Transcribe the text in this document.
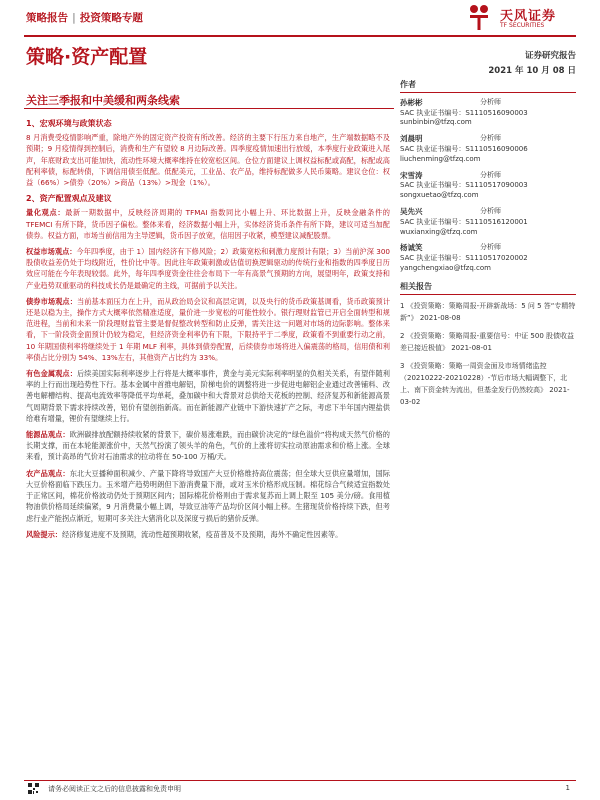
策略报告 | 投资策略专题	天风证券
TF SECURITIES
策略·资产配置	证券研究报告
2021 年 10 月 08 日
关注三季报和中美缓和两条线索
1、宏观环境与政策状态

8 月消费受疫情影响严重，除地产外的固定资产投资有所改善。经济的主要下行压力来自地产，生产端数据略不及预期；9 月疫情得到控制后，消费和生产有望较 8 月边际改善。四季度疫情加速出行放缓，本季度行业政策进入尾声，年底财政支出可能加快，流动性环境大概率维持在较宽松区间。仓位方面建议上调权益标配或高配，标配或高配利率债，标配转债，下调信用债至低配。低配美元，工业品、农产品，维持标配做多人民币策略。建议仓位：权益（66%）>债券（20%）>商品（13%）>现金（1%）。

2、资产配置观点及建议

量化观点：最新一期数据中，反映经济周期的 TFMAI 指数同比小幅上升、环比数据上升，反映金融条件的 TFEMCI 有所下降，货币因子偏松。整体来看，经济数据小幅上升，实体经济货币条件有所下降，建议可适当加配债券。权益方面，市场当前信用为主导逻辑，货币因子放宽，信用因子收紧，模型建议减配股票。

权益市场观点：今年四季度，由于 1）国内经济有下修风险；2）政策宽松和刺激力度预计有限；3）当前沪深 300 股债收益差仍处于均线附近，性价比中等。因此往年政策刺激或估值切换逻辑驱动的传统行业和指数的四季度日历效应可能在今年表现较弱。此外，每年四季度资金往往会布局下一年有高景气预期的方向，展望明年，政策支持和产业趋势双重驱动的科技成长仍是最确定的主线，可据前予以关注。

债券市场观点：当前基本面压力在上升，而从政治局会议和高层定调，以及央行的货币政策基调看，货币政策预计还是以稳为主，操作方式大概率依然精准适度，量价进一步宽松的可能性较小。银行理财监管已开启全面转型和规范进程，当前和未来一阶段理财监管主要是督促整改转型和防止反弹，需关注这一问题对市场的边际影响。整体来看，下一阶段资金面预计仍较为稳定，但经济资金利率仍有下限，下限持平于二季度，政策看不到重要行动之前，10 年期国债利率将继续处于 1 年期 MLF 利率，具体到债券配置，后续债券市场将进入偏震荡的格局，信用债和利率债占比分别为 54%、13%左右，其他资产占比约为 33%。

有色金属观点：后续美国实际利率逐步上行将是大概率事件，黄金与美元实际利率明显的负相关关系，有望伴随利率的上行而出现趋势性下行。基本金属中首推电解铝，阶梯电价的调整将进一步促进电解铝企业通过改善铺料、改善电解槽结构、提高电流效率等降低平均单耗，叠加碳中和大背景对总供给天花板的控制、经济复苏和新能源高景气周期背景下需求持续改善，铝价有望创指新高。而在新能源产业链中下游快速扩产之际，考虑下半年国内锂盐供给难有增量，锂价有望继续上行。

能源品观点：欧洲碳排放配额持续收紧的背景下，碳价易涨难跌，而由碳价决定的“绿色溢价”将构成天然气价格的长期支撑，而在本轮能源涨价中，天然气扮演了领头羊的角色，气价的上涨将切实拉动原油需求和价格上涨。全球来看，预计高昂的气价对石油需求的拉动将在 50-100 万桶/天。

农产品观点：东北大豆播种面积减少、产量下降将导致国产大豆价格维持高位震荡；但全球大豆供应量增加，国际大豆价格面临下跌压力。玉米增产趋势明朗但下游消费量下滑，或对玉米价格形成压制。棉花综合气候适宜指数处于正常区间，棉花价格波动仍处于预期区间内；国际棉花价格则由于需求复苏而上调上限至 105 美分/磅。食用植物油供价格局延续偏紧，9 月消费量小幅上调，导致豆油等产品均价区间小幅上移。生猪现货价格持续下跌，但考虑行业产能拐点渐近，短期可多关注大猪消化以及深度亏损后的猪价反弹。

风险提示：经济修复进度不及预期，流动性超预期收紧，疫苗普及不及预期，海外不确定性因素等。

作者
孙彬彬	分析师
SAC 执业证书编号：S1110516090003
sunbinbin@tfzq.com
刘晨明	分析师
SAC 执业证书编号：S1110516090006
liuchenming@tfzq.com
宋雪涛	分析师
SAC 执业证书编号：S1110517090003
songxuetao@tfzq.com
吴先兴	分析师
SAC 执业证书编号：S1110516120001
wuxianxing@tfzq.com
杨诚笑	分析师
SAC 执业证书编号：S1110517020002
yangchengxiao@tfzq.com
相关报告
1 《投资策略：策略周报-开辟新战场：5 问 5 答“专精特新”》 2021-08-08
2 《投资策略：策略周报-重要信号：中证 500 股债收益差已接近极值》 2021-08-01
3 《投资策略：策略一周资金面及市场情绪监控（20210222-20210228）-节后市场大幅调整下，北上、南下资金转为流出，但基金发行仍然较高》 2021-03-02
请务必阅读正文之后的信息披露和免责申明	1
